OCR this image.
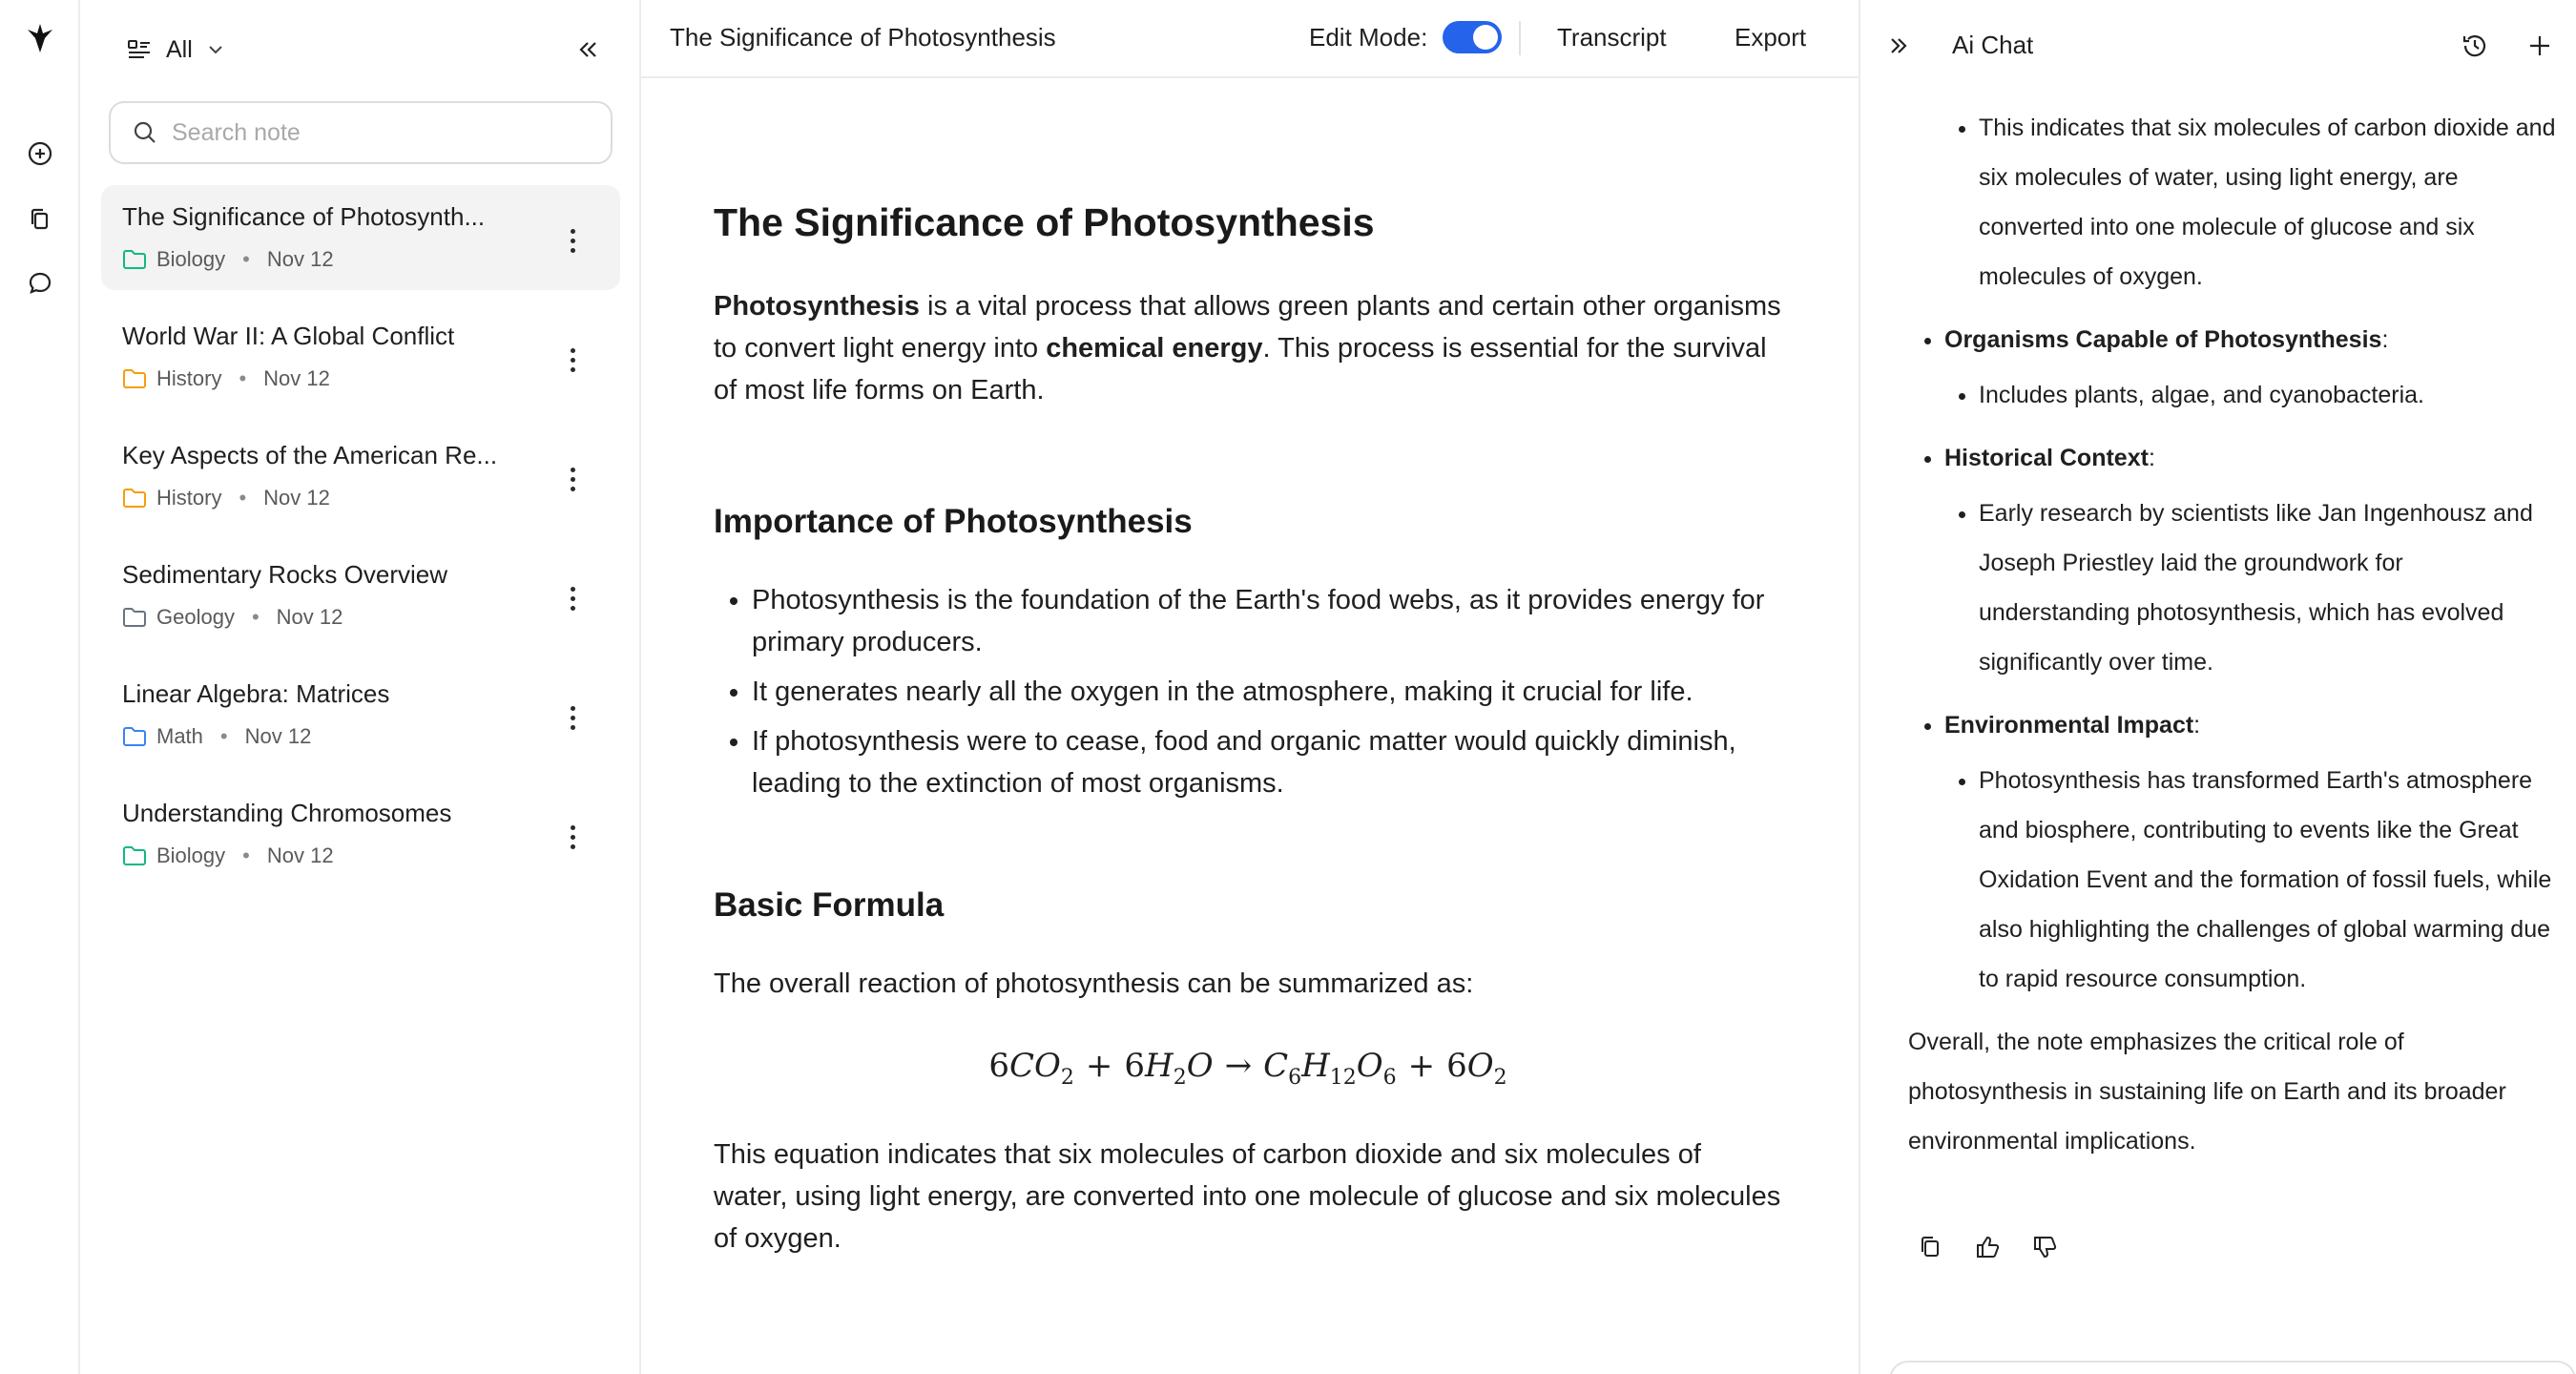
All
Search note
The Significance of Photosynth...
Biology • Nov 12
World War II: A Global Conflict
History • Nov 12
Key Aspects of the American Re...
History • Nov 12
Sedimentary Rocks Overview
Geology • Nov 12
Linear Algebra: Matrices
Math • Nov 12
Understanding Chromosomes
Biology • Nov 12
The Significance of Photosynthesis	Edit Mode:	Transcript	Export
The Significance of Photosynthesis

Photosynthesis is a vital process that allows green plants and certain other organisms to convert light energy into chemical energy. This process is essential for the survival of most life forms on Earth.

Importance of Photosynthesis
• Photosynthesis is the foundation of the Earth's food webs, as it provides energy for primary producers.
• It generates nearly all the oxygen in the atmosphere, making it crucial for life.
• If photosynthesis were to cease, food and organic matter would quickly diminish, leading to the extinction of most organisms.
Basic Formula

The overall reaction of photosynthesis can be summarized as:

$6CO_2 + 6H_2O \to C_6H_{12}O_6 + 6O_2$

This equation indicates that six molecules of carbon dioxide and six molecules of water, using light energy, are converted into one molecule of glucose and six molecules of oxygen.

Ai Chat
• This indicates that six molecules of carbon dioxide and six molecules of water, using light energy, are converted into one molecule of glucose and six molecules of oxygen.
• Organisms Capable of Photosynthesis:
• Includes plants, algae, and cyanobacteria.
• Historical Context:
• Early research by scientists like Jan Ingenhousz and Joseph Priestley laid the groundwork for understanding photosynthesis, which has evolved significantly over time.
• Environmental Impact:
• Photosynthesis has transformed Earth's atmosphere and biosphere, contributing to events like the Great Oxidation Event and the formation of fossil fuels, while also highlighting the challenges of global warming due to rapid resource consumption.

Overall, the note emphasizes the critical role of photosynthesis in sustaining life on Earth and its broader environmental implications.
